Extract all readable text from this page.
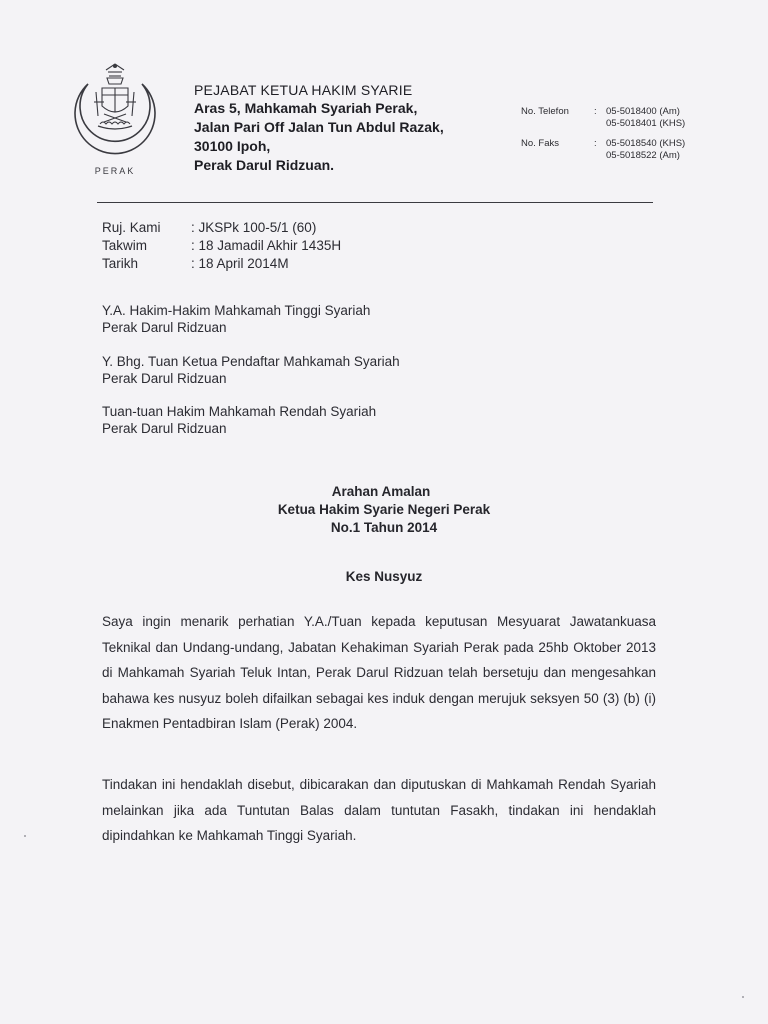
PERAK

PEJABAT KETUA HAKIM SYARIE

Aras 5, Mahkamah Syariah Perak,

Jalan Pari Off Jalan Tun Abdul Razak,

30100 Ipoh,

Perak Darul Ridzuan.

No. Telefon	: 05-5018400 (Am)
05-5018401 (KHS)
No. Faks	: 05-5018540 (KHS)
05-5018522 (Am)
Ruj. Kami	: JKSPk 100-5/1 (60)
Takwim	: 18 Jamadil Akhir 1435H
Tarikh	: 18 April 2014M

Y.A. Hakim-Hakim Mahkamah Tinggi Syariah

Perak Darul Ridzuan

Y. Bhg. Tuan Ketua Pendaftar Mahkamah Syariah

Perak Darul Ridzuan

Tuan-tuan Hakim Mahkamah Rendah Syariah

Perak Darul Ridzuan

Arahan Amalan

Ketua Hakim Syarie Negeri Perak

No.1 Tahun 2014

Kes Nusyuz

Saya ingin menarik perhatian Y.A./Tuan kepada keputusan Mesyuarat Jawatankuasa Teknikal dan Undang-undang, Jabatan Kehakiman Syariah Perak pada 25hb Oktober 2013 di Mahkamah Syariah Teluk Intan, Perak Darul Ridzuan telah bersetuju dan mengesahkan bahawa kes nusyuz boleh difailkan sebagai kes induk dengan merujuk seksyen 50 (3) (b) (i) Enakmen Pentadbiran Islam (Perak) 2004.

Tindakan ini hendaklah disebut, dibicarakan dan diputuskan di Mahkamah Rendah Syariah melainkan jika ada Tuntutan Balas dalam tuntutan Fasakh, tindakan ini hendaklah dipindahkan ke Mahkamah Tinggi Syariah.
